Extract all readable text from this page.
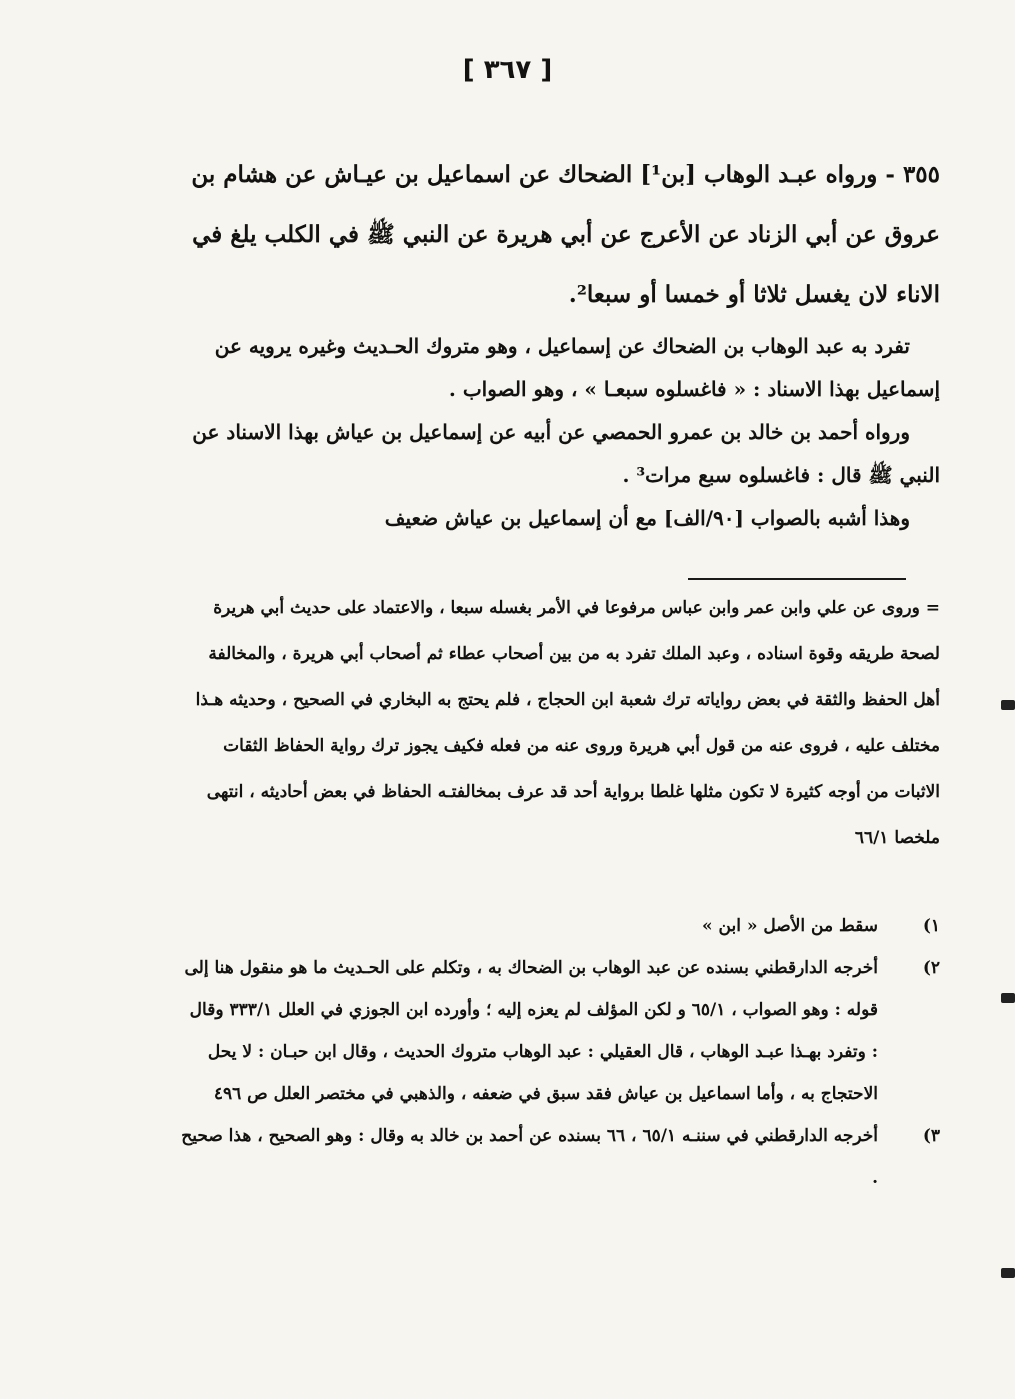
[ ٣٦٧ ]
٣٥٥ - ورواه عبـد الوهاب [بن¹] الضحاك عن اسماعيل بن عيـاش عن هشام بن عروق عن أبي الزناد عن الأعرج عن أبي هريرة عن النبي ﷺ في الكلب يلغ في الاناء لان يغسل ثلاثا أو خمسا أو سبعا².

تفرد به عبد الوهاب بن الضحاك عن إسماعيل ، وهو متروك الحـديث وغيره يرويه عن إسماعيل بهذا الاسناد : « فاغسلوه سبعـا » ، وهو الصواب .

ورواه أحمد بن خالد بن عمرو الحمصي عن أبيه عن إسماعيل بن عياش بهذا الاسناد عن النبي ﷺ قال : فاغسلوه سبع مرات³ .

وهذا أشبه بالصواب [٩٠/الف] مع أن إسماعيل بن عياش ضعيف

= وروى عن علي وابن عمر وابن عباس مرفوعا في الأمر بغسله سبعا ، والاعتماد على حديث أبي هريرة لصحة طريقه وقوة اسناده ، وعبد الملك تفرد به من بين أصحاب عطاء ثم أصحاب أبي هريرة ، والمخالفة أهل الحفظ والثقة في بعض رواياته ترك شعبة ابن الحجاج ، فلم يحتج به البخاري في الصحيح ، وحديثه هـذا مختلف عليه ، فروى عنه من قول أبي هريرة وروى عنه من فعله فكيف يجوز ترك رواية الحفاظ الثقات الاثبات من أوجه كثيرة لا تكون مثلها غلطا برواية أحد قد عرف بمخالفتـه الحفاظ في بعض أحاديثه ، انتهى ملخصا ٦٦/١

١)
سقط من الأصل « ابن »

٢)
أخرجه الدارقطني بسنده عن عبد الوهاب بن الضحاك به ، وتكلم على الحـديث ما هو منقول هنا إلى قوله : وهو الصواب ، ٦٥/١ و لكن المؤلف لم يعزه إليه ؛ وأورده ابن الجوزي في العلل ٣٣٣/١ وقال : وتفرد بهـذا عبـد الوهاب ، قال العقيلي : عبد الوهاب متروك الحديث ، وقال ابن حبـان : لا يحل الاحتجاج به ، وأما اسماعيل بن عياش فقد سبق في ضعفه ، والذهبي في مختصر العلل ص ٤٩٦

٣)
أخرجه الدارقطني في سننـه ٦٥/١ ، ٦٦ بسنده عن أحمد بن خالد به وقال : وهو الصحيح ، هذا صحيح .
